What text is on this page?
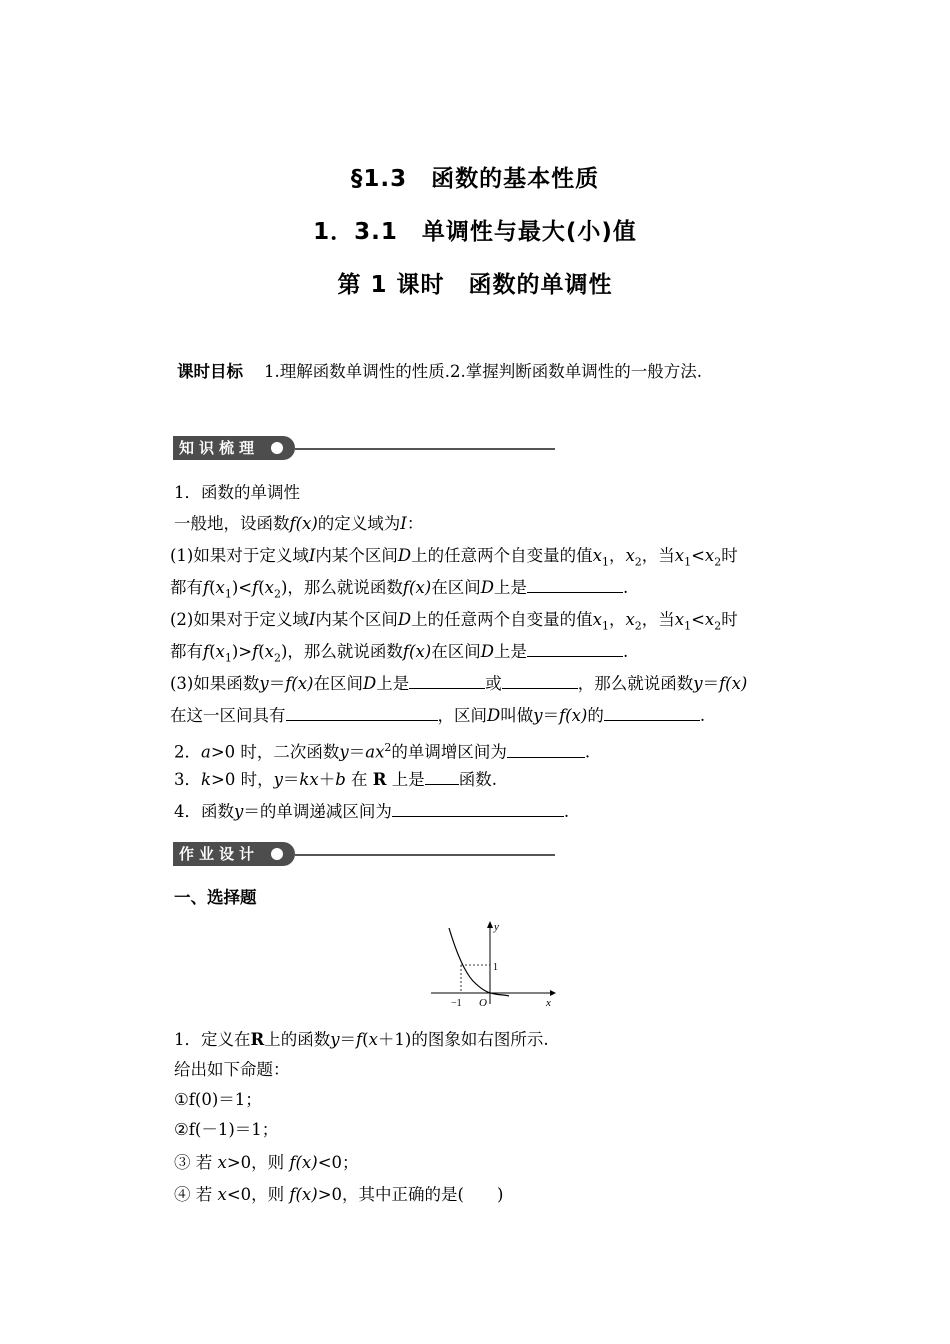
§1.3　函数的基本性质
1．3.1　单调性与最大(小)值
第 1 课时　函数的单调性
课时目标 1.理解函数单调性的性质.2.掌握判断函数单调性的一般方法.
知识梳理
1．函数的单调性
一般地，设函数f(x)的定义域为I：
(1)如果对于定义域I内某个区间D上的任意两个自变量的值$x_1$，$x_2$，当$x_1<x_2$时
都有$f(x_1)<f(x_2)$，那么就说函数f(x)在区间D上是	.
(2)如果对于定义域I内某个区间D上的任意两个自变量的值$x_1$，$x_2$，当$x_1<x_2$时
都有$f(x_1)>f(x_2)$，那么就说函数f(x)在区间D上是	.
(3)如果函数y＝f(x)在区间D上是	或	，那么就说函数y＝f(x)
在这一区间具有	，区间D叫做y＝f(x)的	.
2．a>0 时，二次函数$y=ax^2$的单调增区间为	.
3．k>0 时，y＝kx＋b 在 R 上是 函数.
4．函数y＝的单调递减区间为	.
作业设计
一、选择题
y
x
1
−1 O
1．定义在R上的函数y＝f(x＋1)的图象如右图所示.
给出如下命题：
①f(0)＝1；
②f(－1)＝1；
③ 若 x>0，则 f(x)<0；
④ 若 x<0，则 f(x)>0，其中正确的是(　　)
